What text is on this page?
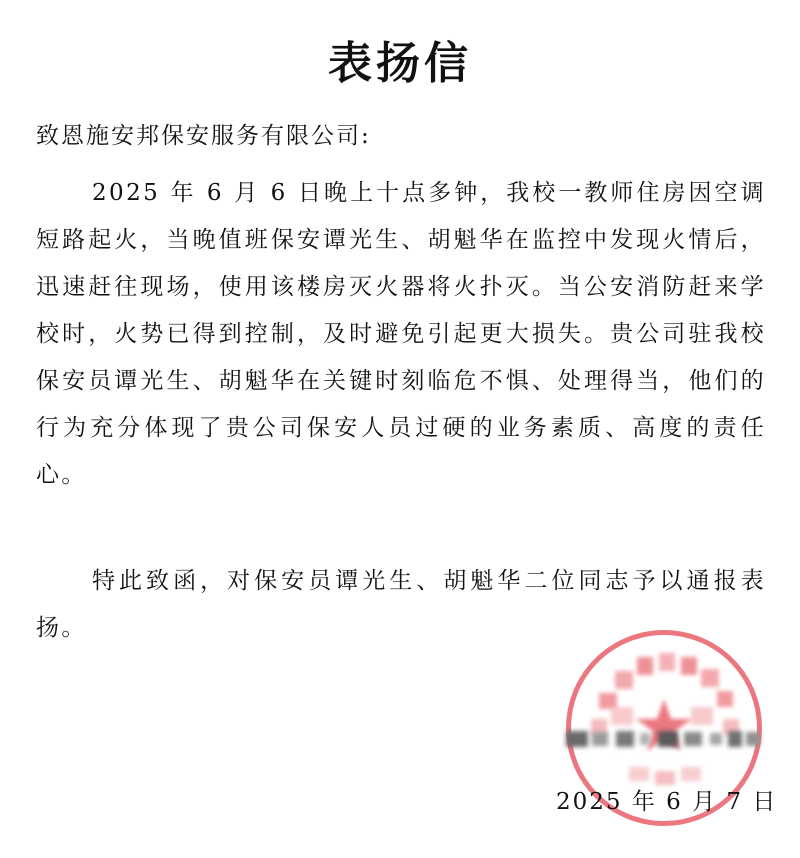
表扬信
致恩施安邦保安服务有限公司:
2025 年 6 月 6 日晚上十点多钟，我校一教师住房因空调短路起火，当晚值班保安谭光生、胡魁华在监控中发现火情后，迅速赶往现场，使用该楼房灭火器将火扑灭。当公安消防赶来学校时，火势已得到控制，及时避免引起更大损失。贵公司驻我校保安员谭光生、胡魁华在关键时刻临危不惧、处理得当，他们的行为充分体现了贵公司保安人员过硬的业务素质、高度的责任心。
特此致函，对保安员谭光生、胡魁华二位同志予以通报表扬。
2025 年 6 月 7 日
